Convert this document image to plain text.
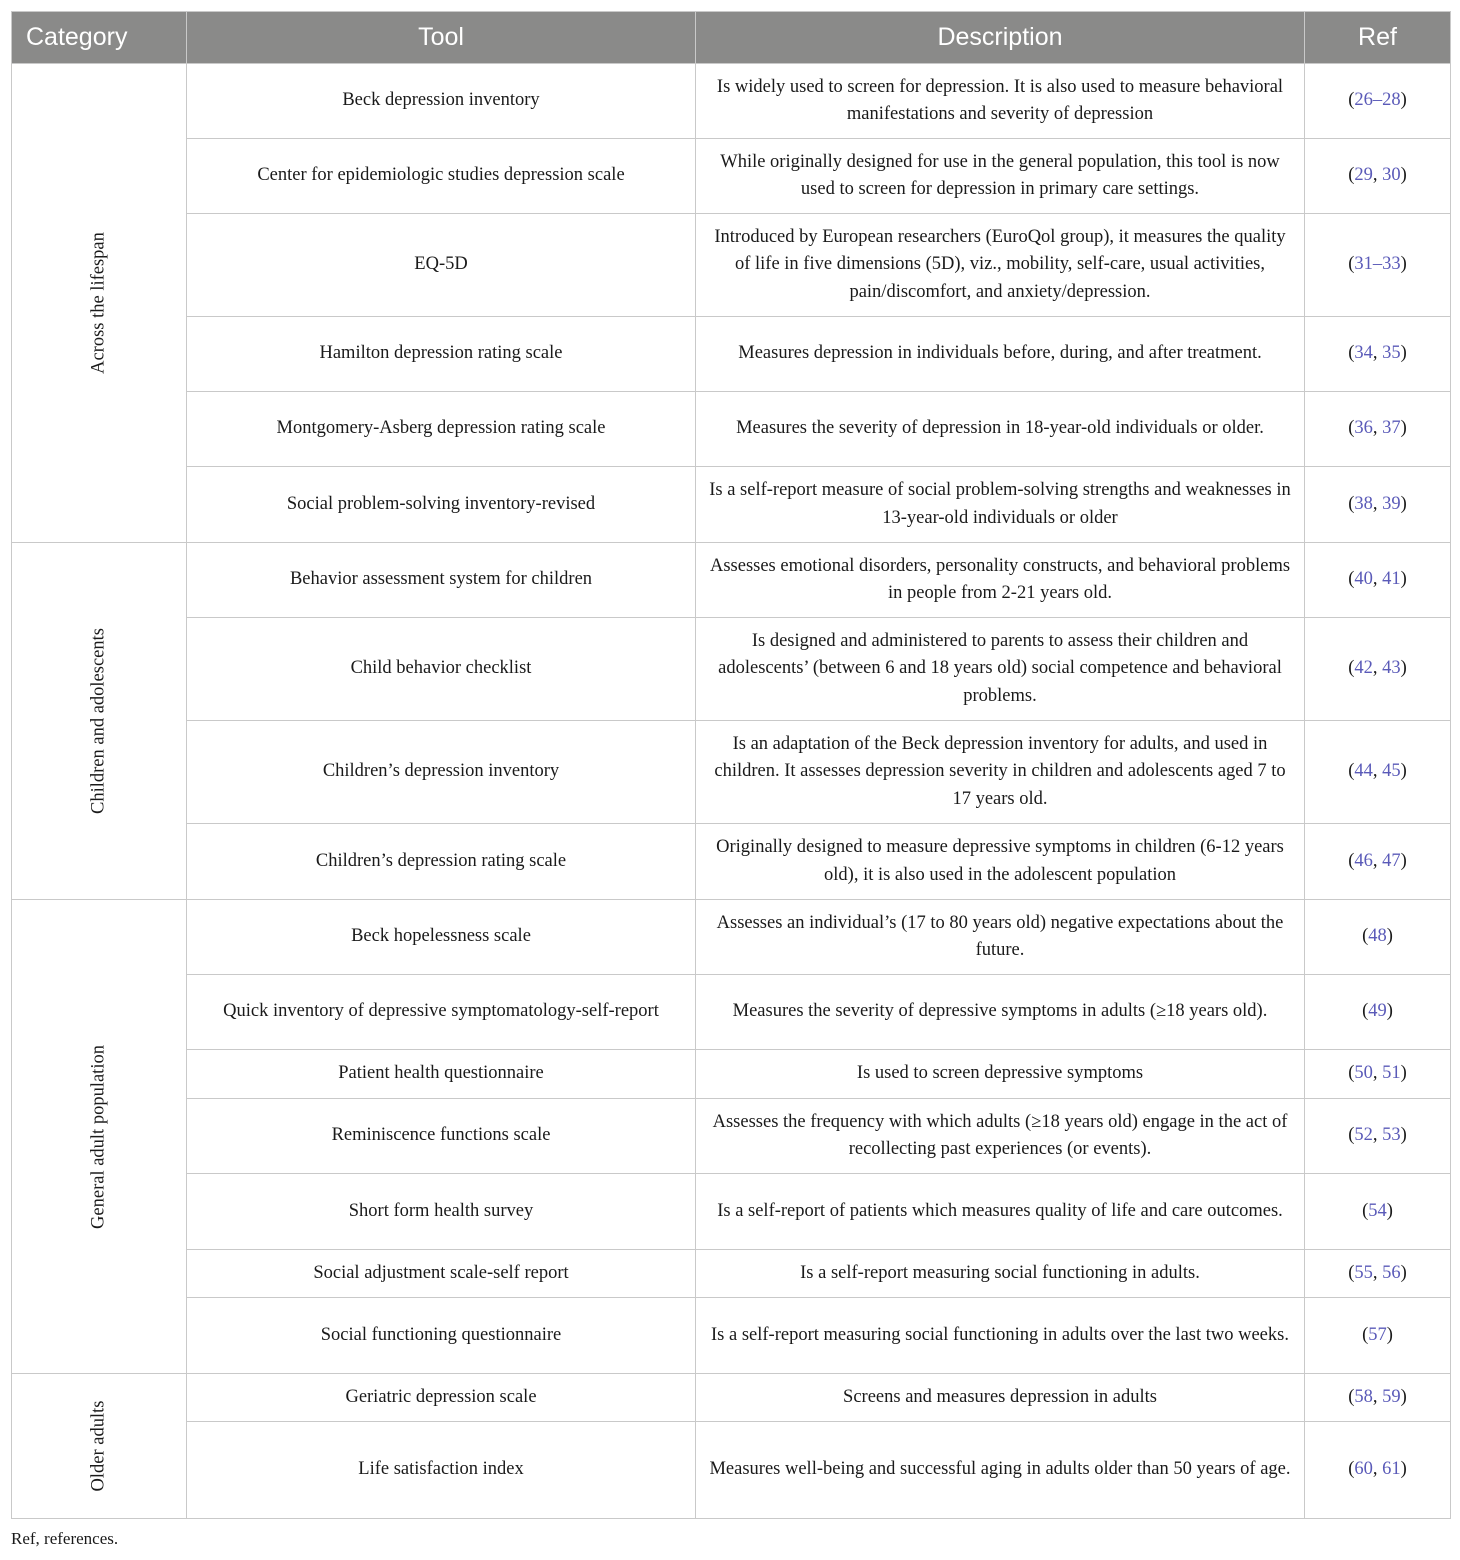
Category	Tool	Description	Ref

Across the lifespan	Beck depression inventory	Is widely used to screen for depression. It is also used to measure behavioral manifestations and severity of depression	(26–28)
	Center for epidemiologic studies depression scale	While originally designed for use in the general population, this tool is now used to screen for depression in primary care settings.	(29, 30)
	EQ-5D	Introduced by European researchers (EuroQol group), it measures the quality of life in five dimensions (5D), viz., mobility, self-care, usual activities, pain/discomfort, and anxiety/depression.	(31–33)
	Hamilton depression rating scale	Measures depression in individuals before, during, and after treatment.	(34, 35)
	Montgomery-Asberg depression rating scale	Measures the severity of depression in 18-year-old individuals or older.	(36, 37)
	Social problem-solving inventory-revised	Is a self-report measure of social problem-solving strengths and weaknesses in 13-year-old individuals or older	(38, 39)

Children and adolescents	Behavior assessment system for children	Assesses emotional disorders, personality constructs, and behavioral problems in people from 2-21 years old.	(40, 41)
	Child behavior checklist	Is designed and administered to parents to assess their children and adolescents’ (between 6 and 18 years old) social competence and behavioral problems.	(42, 43)
	Children’s depression inventory	Is an adaptation of the Beck depression inventory for adults, and used in children. It assesses depression severity in children and adolescents aged 7 to 17 years old.	(44, 45)
	Children’s depression rating scale	Originally designed to measure depressive symptoms in children (6-12 years old), it is also used in the adolescent population	(46, 47)

General adult population	Beck hopelessness scale	Assesses an individual’s (17 to 80 years old) negative expectations about the future.	(48)
	Quick inventory of depressive symptomatology-self-report	Measures the severity of depressive symptoms in adults (≥18 years old).	(49)
	Patient health questionnaire	Is used to screen depressive symptoms	(50, 51)
	Reminiscence functions scale	Assesses the frequency with which adults (≥18 years old) engage in the act of recollecting past experiences (or events).	(52, 53)
	Short form health survey	Is a self-report of patients which measures quality of life and care outcomes.	(54)
	Social adjustment scale-self report	Is a self-report measuring social functioning in adults.	(55, 56)
	Social functioning questionnaire	Is a self-report measuring social functioning in adults over the last two weeks.	(57)

Older adults	Geriatric depression scale	Screens and measures depression in adults	(58, 59)
	Life satisfaction index	Measures well-being and successful aging in adults older than 50 years of age.	(60, 61)
Ref, references.
